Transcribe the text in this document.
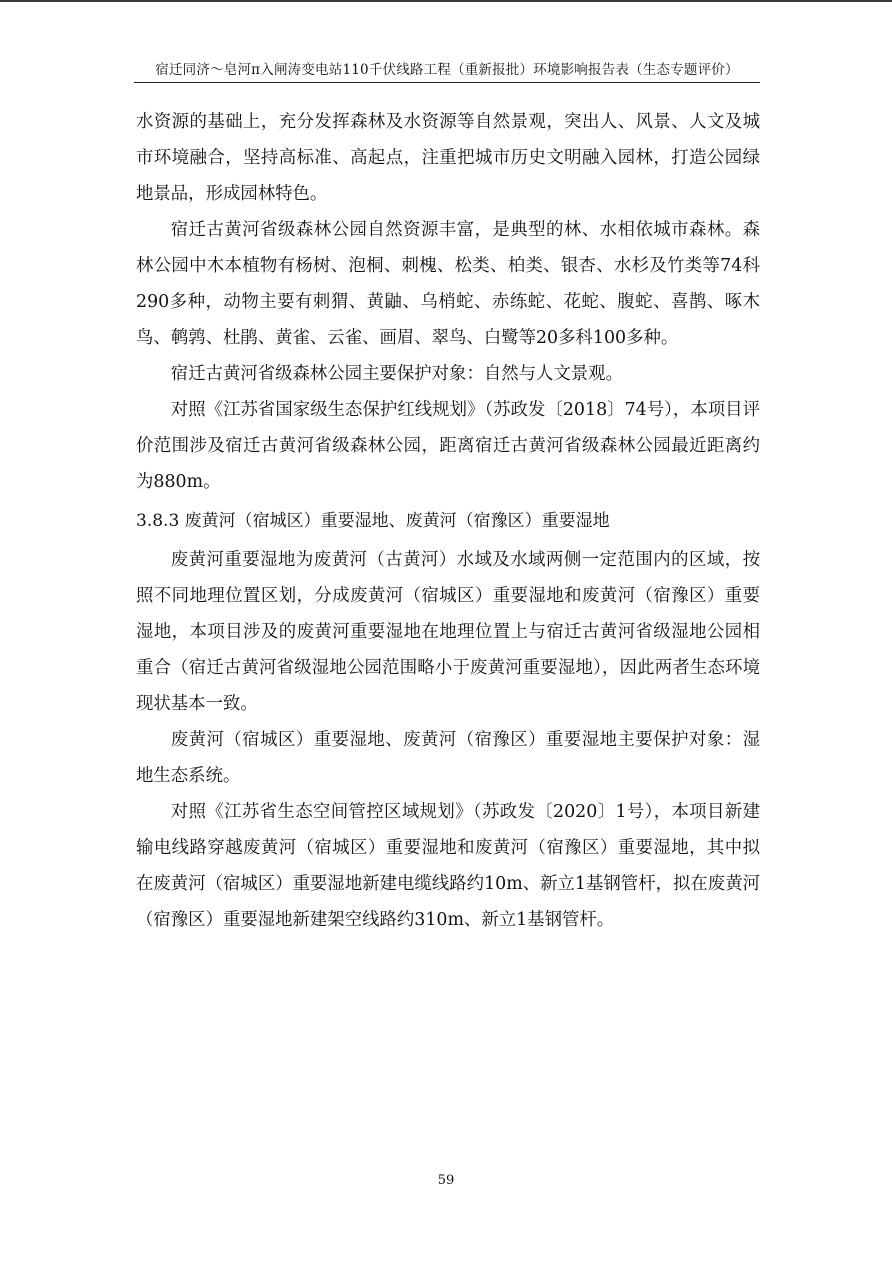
宿迁同济～皂河π入闸涛变电站110千伏线路工程（重新报批）环境影响报告表（生态专题评价）

水资源的基础上，充分发挥森林及水资源等自然景观，突出人、风景、人文及城市环境融合，坚持高标准、高起点，注重把城市历史文明融入园林，打造公园绿地景品，形成园林特色。

宿迁古黄河省级森林公园自然资源丰富，是典型的林、水相依城市森林。森林公园中木本植物有杨树、泡桐、刺槐、松类、柏类、银杏、水杉及竹类等74科290多种，动物主要有刺猬、黄鼬、乌梢蛇、赤练蛇、花蛇、腹蛇、喜鹊、啄木鸟、鹌鹑、杜鹃、黄雀、云雀、画眉、翠鸟、白鹭等20多科100多种。

宿迁古黄河省级森林公园主要保护对象：自然与人文景观。

对照《江苏省国家级生态保护红线规划》（苏政发〔2018〕74号），本项目评价范围涉及宿迁古黄河省级森林公园，距离宿迁古黄河省级森林公园最近距离约为880m。

3.8.3 废黄河（宿城区）重要湿地、废黄河（宿豫区）重要湿地

废黄河重要湿地为废黄河（古黄河）水域及水域两侧一定范围内的区域，按照不同地理位置区划，分成废黄河（宿城区）重要湿地和废黄河（宿豫区）重要湿地，本项目涉及的废黄河重要湿地在地理位置上与宿迁古黄河省级湿地公园相重合（宿迁古黄河省级湿地公园范围略小于废黄河重要湿地），因此两者生态环境现状基本一致。

废黄河（宿城区）重要湿地、废黄河（宿豫区）重要湿地主要保护对象：湿地生态系统。

对照《江苏省生态空间管控区域规划》（苏政发〔2020〕1号），本项目新建输电线路穿越废黄河（宿城区）重要湿地和废黄河（宿豫区）重要湿地，其中拟在废黄河（宿城区）重要湿地新建电缆线路约10m、新立1基钢管杆，拟在废黄河（宿豫区）重要湿地新建架空线路约310m、新立1基钢管杆。

59
